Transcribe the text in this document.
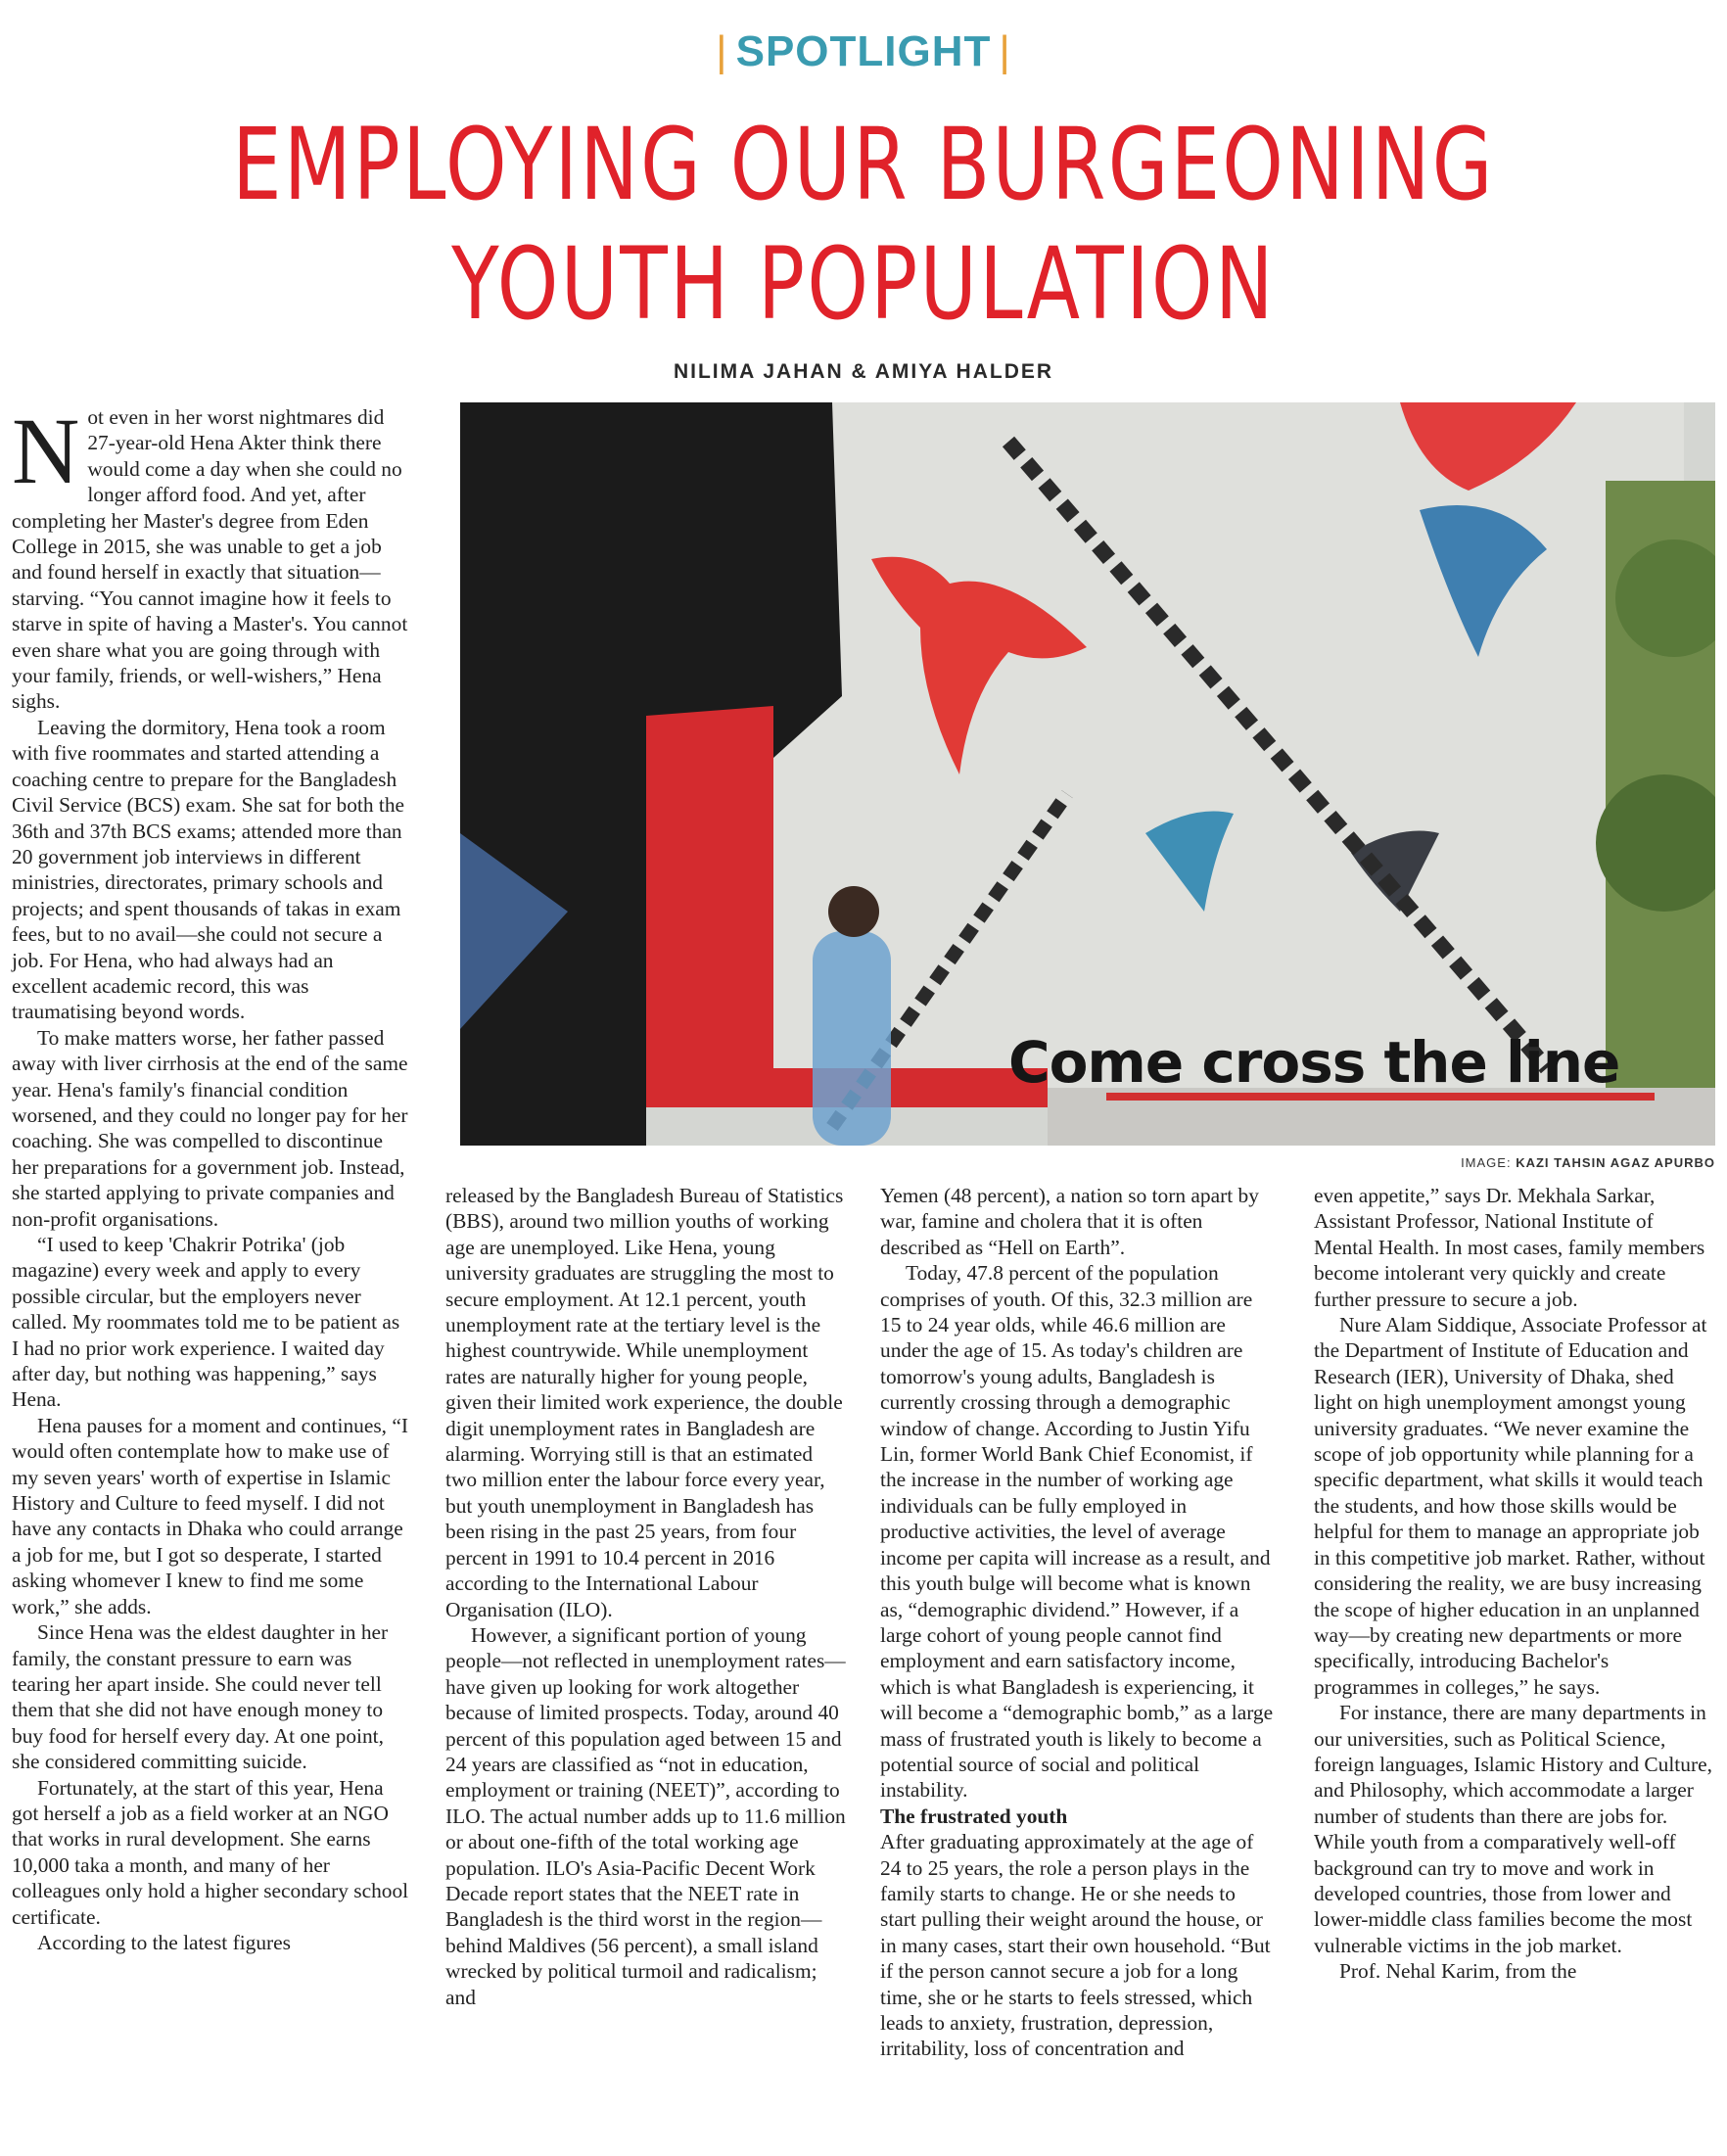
| SPOTLIGHT |
EMPLOYING OUR BURGEONING
YOUTH POPULATION
NILIMA JAHAN & AMIYA HALDER
Come cross the line
IMAGE: KAZI TAHSIN AGAZ APURBO

Not even in her worst nightmares did 27-year-old Hena Akter think there would come a day when she could no longer afford food. And yet, after completing her Master's degree from Eden College in 2015, she was unable to get a job and found herself in exactly that situation—starving. “You cannot imagine how it feels to starve in spite of having a Master's. You cannot even share what you are going through with your family, friends, or well-wishers,” Hena sighs.

Leaving the dormitory, Hena took a room with five roommates and started attending a coaching centre to prepare for the Bangladesh Civil Service (BCS) exam. She sat for both the 36th and 37th BCS exams; attended more than 20 government job interviews in different ministries, directorates, primary schools and projects; and spent thousands of takas in exam fees, but to no avail—she could not secure a job. For Hena, who had always had an excellent academic record, this was traumatising beyond words.

To make matters worse, her father passed away with liver cirrhosis at the end of the same year. Hena's family's financial condition worsened, and they could no longer pay for her coaching. She was compelled to discontinue her preparations for a government job. Instead, she started applying to private companies and non-profit organisations.

“I used to keep 'Chakrir Potrika' (job magazine) every week and apply to every possible circular, but the employers never called. My roommates told me to be patient as I had no prior work experience. I waited day after day, but nothing was happening,” says Hena.

Hena pauses for a moment and continues, “I would often contemplate how to make use of my seven years' worth of expertise in Islamic History and Culture to feed myself. I did not have any contacts in Dhaka who could arrange a job for me, but I got so desperate, I started asking whomever I knew to find me some work,” she adds.

Since Hena was the eldest daughter in her family, the constant pressure to earn was tearing her apart inside. She could never tell them that she did not have enough money to buy food for herself every day. At one point, she considered committing suicide.

Fortunately, at the start of this year, Hena got herself a job as a field worker at an NGO that works in rural development. She earns 10,000 taka a month, and many of her colleagues only hold a higher secondary school certificate.

According to the latest figures

released by the Bangladesh Bureau of Statistics (BBS), around two million youths of working age are unemployed. Like Hena, young university graduates are struggling the most to secure employment. At 12.1 percent, youth unemployment rate at the tertiary level is the highest countrywide. While unemployment rates are naturally higher for young people, given their limited work experience, the double digit unemployment rates in Bangladesh are alarming. Worrying still is that an estimated two million enter the labour force every year, but youth unemployment in Bangladesh has been rising in the past 25 years, from four percent in 1991 to 10.4 percent in 2016 according to the International Labour Organisation (ILO).

However, a significant portion of young people—not reflected in unemployment rates—have given up looking for work altogether because of limited prospects. Today, around 40 percent of this population aged between 15 and 24 years are classified as “not in education, employment or training (NEET)”, according to ILO. The actual number adds up to 11.6 million or about one-fifth of the total working age population. ILO's Asia-Pacific Decent Work Decade report states that the NEET rate in Bangladesh is the third worst in the region—behind Maldives (56 percent), a small island wrecked by political turmoil and radicalism; and

Yemen (48 percent), a nation so torn apart by war, famine and cholera that it is often described as “Hell on Earth”.

Today, 47.8 percent of the population comprises of youth. Of this, 32.3 million are 15 to 24 year olds, while 46.6 million are under the age of 15. As today's children are tomorrow's young adults, Bangladesh is currently crossing through a demographic window of change. According to Justin Yifu Lin, former World Bank Chief Economist, if the increase in the number of working age individuals can be fully employed in productive activities, the level of average income per capita will increase as a result, and this youth bulge will become what is known as, “demographic dividend.” However, if a large cohort of young people cannot find employment and earn satisfactory income, which is what Bangladesh is experiencing, it will become a “demographic bomb,” as a large mass of frustrated youth is likely to become a potential source of social and political instability.

The frustrated youth

After graduating approximately at the age of 24 to 25 years, the role a person plays in the family starts to change. He or she needs to start pulling their weight around the house, or in many cases, start their own household. “But if the person cannot secure a job for a long time, she or he starts to feels stressed, which leads to anxiety, frustration, depression, irritability, loss of concentration and

even appetite,” says Dr. Mekhala Sarkar, Assistant Professor, National Institute of Mental Health. In most cases, family members become intolerant very quickly and create further pressure to secure a job.

Nure Alam Siddique, Associate Professor at the Department of Institute of Education and Research (IER), University of Dhaka, shed light on high unemployment amongst young university graduates. “We never examine the scope of job opportunity while planning for a specific department, what skills it would teach the students, and how those skills would be helpful for them to manage an appropriate job in this competitive job market. Rather, without considering the reality, we are busy increasing the scope of higher education in an unplanned way—by creating new departments or more specifically, introducing Bachelor's programmes in colleges,” he says.

For instance, there are many departments in our universities, such as Political Science, foreign languages, Islamic History and Culture, and Philosophy, which accommodate a larger number of students than there are jobs for. While youth from a comparatively well-off background can try to move and work in developed countries, those from lower and lower-middle class families become the most vulnerable victims in the job market.

Prof. Nehal Karim, from the
